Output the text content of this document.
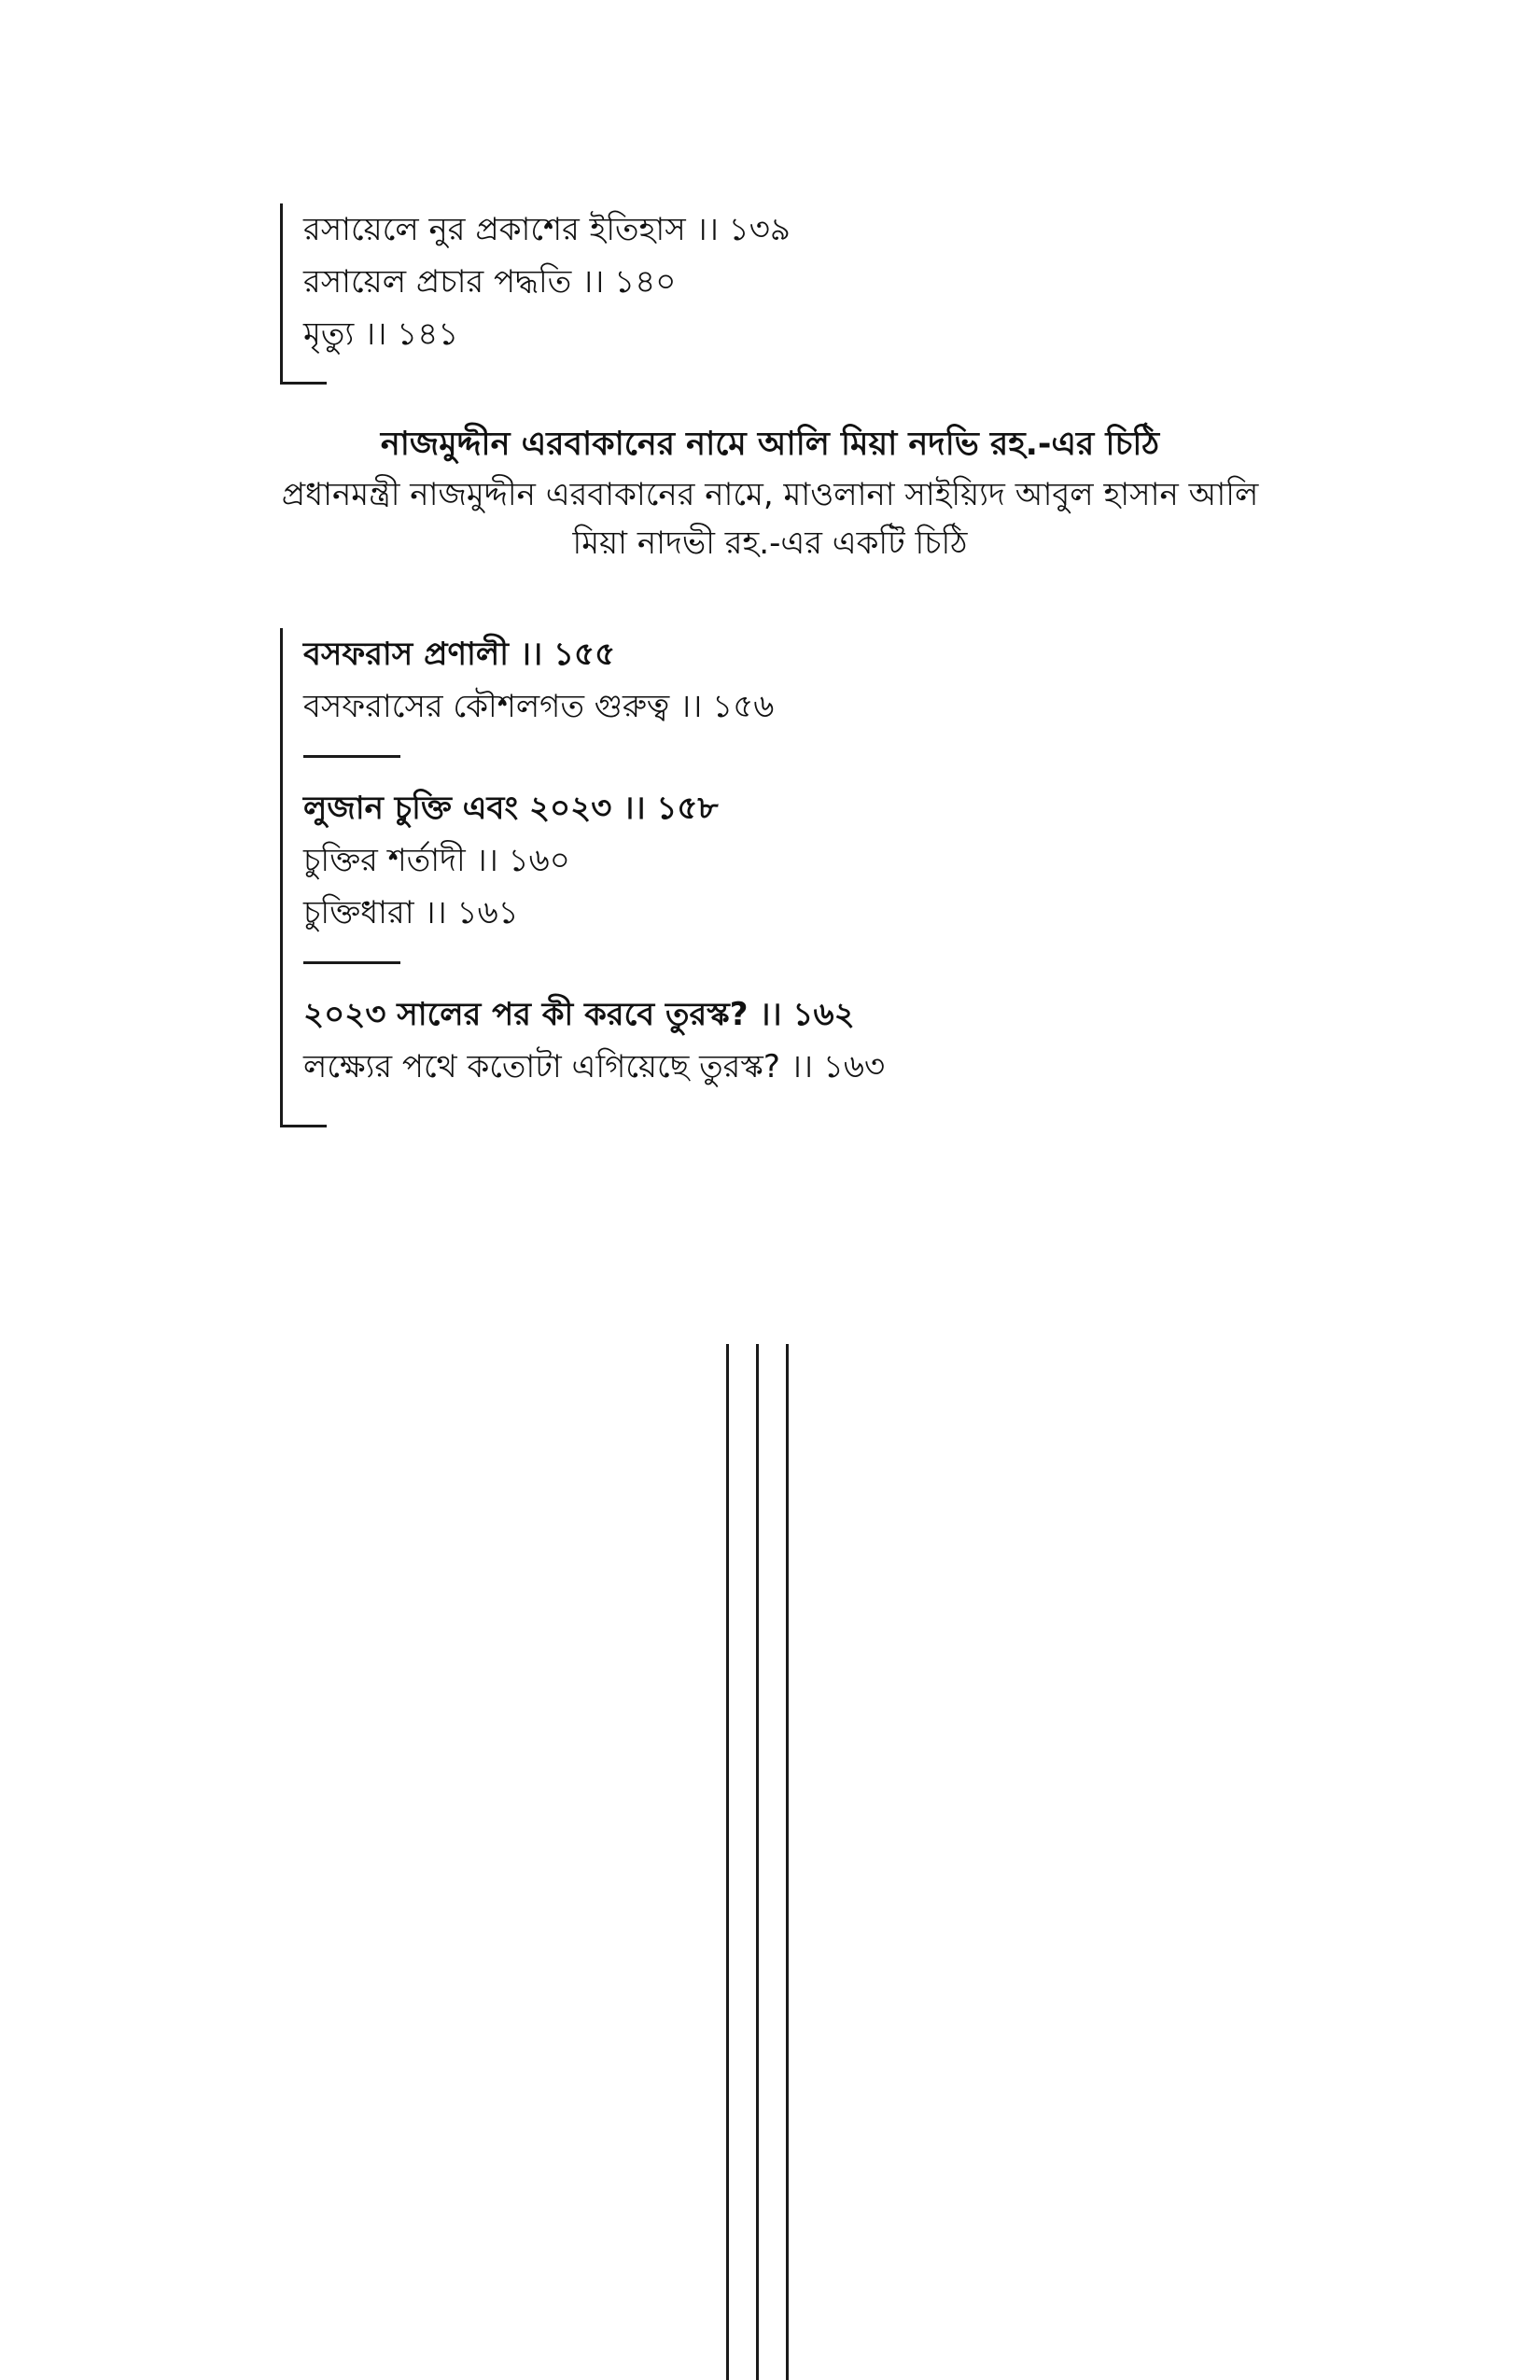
রসায়েলে নুর প্রকাশের ইতিহাস ।। ১৩৯
রসায়েল প্রচার পদ্ধতি ।। ১৪০
মৃত্যু ।। ১৪১
নাজমুদ্দীন এরবাকানের নামে আলি মিয়া নদভি রহ.-এর চিঠি
প্রধানমন্ত্রী নাজমুদ্দীন এরবাকানের নামে, মাওলানা সাইয়্যিদ আবুল হাসান আলি মিয়া নাদভী রহ.-এর একটি চিঠি
বসফরাস প্রণালী ।। ১৫৫
বসফরাসের কৌশলগত গুরুত্ব ।। ১৫৬
লুজান চুক্তি এবং ২০২৩ ।। ১৫৮
চুক্তির শর্তাদী ।। ১৬০
চুক্তিধারা ।। ১৬১
২০২৩ সালের পর কী করবে তুরস্ক? ।। ১৬২
লক্ষ্যের পথে কতোটা এগিয়েছে তুরস্ক? ।। ১৬৩
